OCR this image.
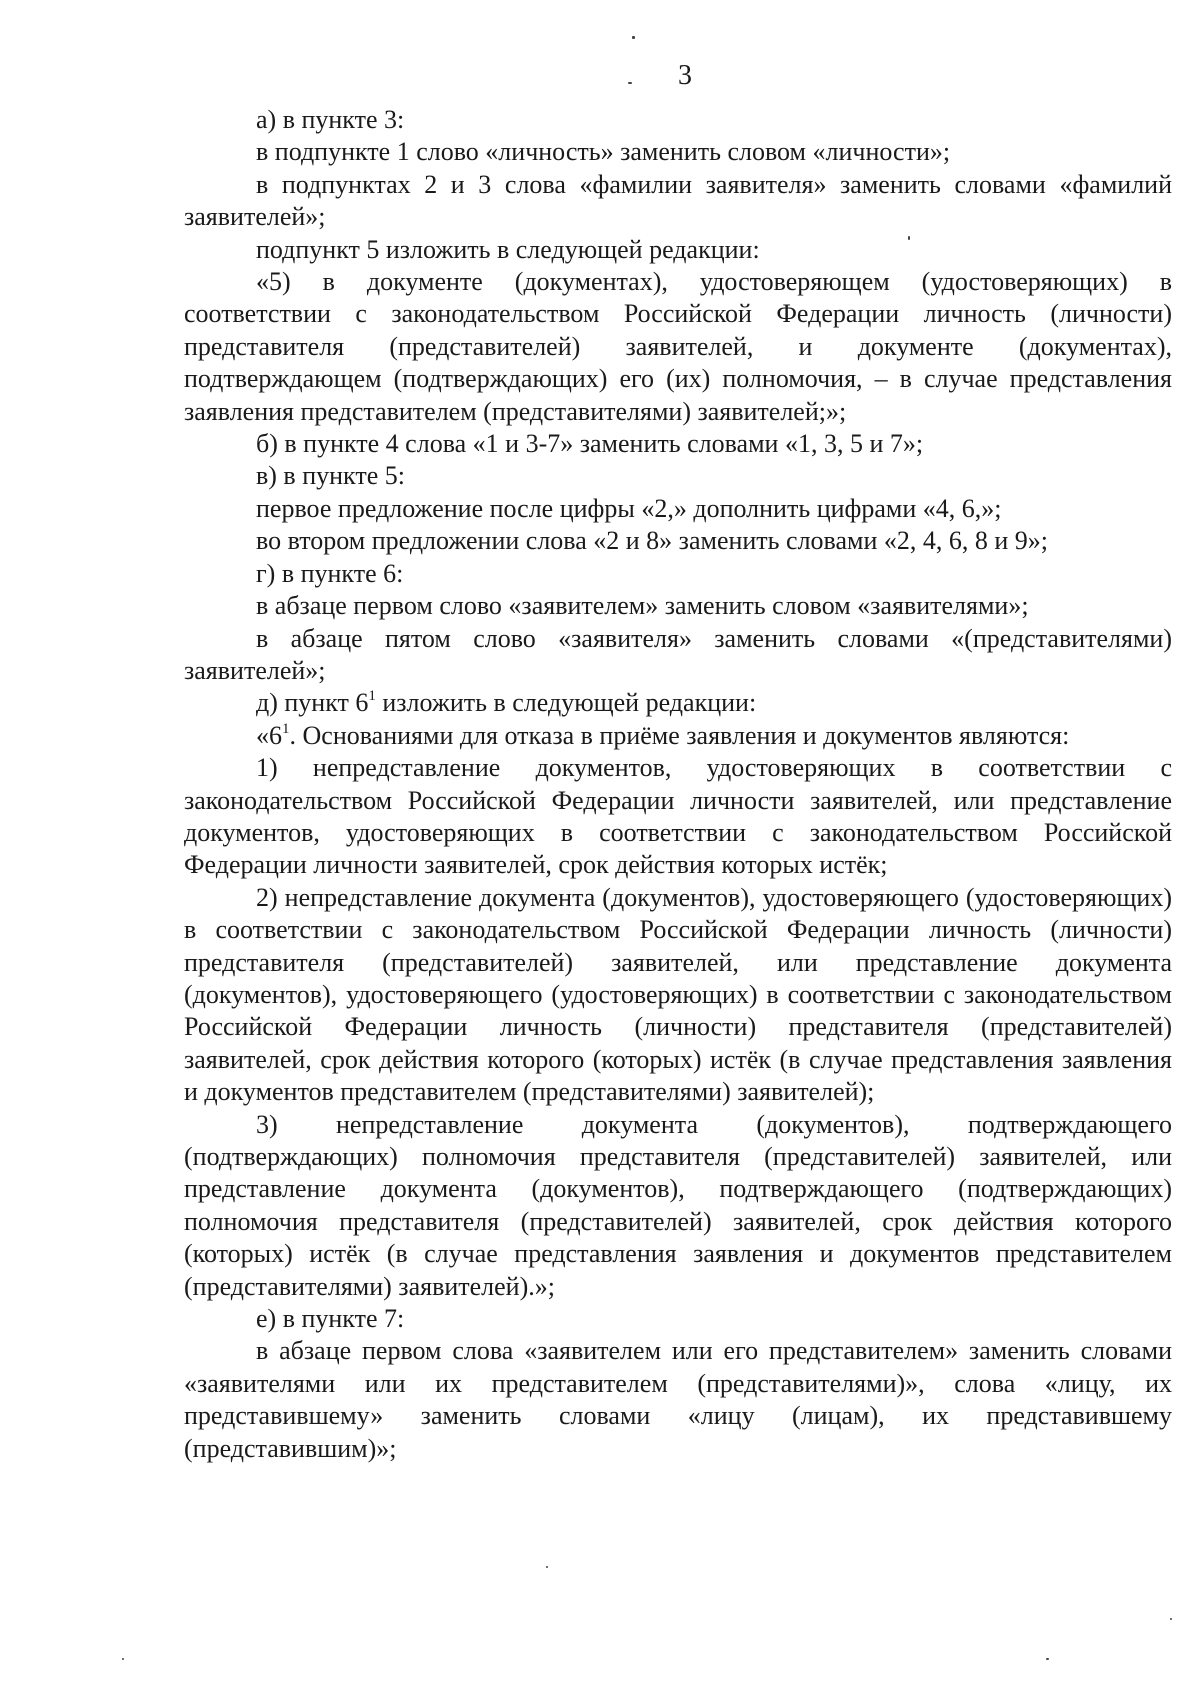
3

а) в пункте 3:

в подпункте 1 слово «личность» заменить словом «личности»;

в подпунктах 2 и 3 слова «фамилии заявителя» заменить словами «фамилий заявителей»;

подпункт 5 изложить в следующей редакции:

«5) в документе (документах), удостоверяющем (удостоверяющих) в соответствии с законодательством Российской Федерации личность (личности) представителя (представителей) заявителей, и документе (документах), подтверждающем (подтверждающих) его (их) полномочия, – в случае представления заявления представителем (представителями) заявителей;»;

б) в пункте 4 слова «1 и 3-7» заменить словами «1, 3, 5 и 7»;

в) в пункте 5:

первое предложение после цифры «2,» дополнить цифрами «4, 6,»;

во втором предложении слова «2 и 8» заменить словами «2, 4, 6, 8 и 9»;

г) в пункте 6:

в абзаце первом слово «заявителем» заменить словом «заявителями»;

в абзаце пятом слово «заявителя» заменить словами «(представителями) заявителей»;

д) пункт $6^1$ изложить в следующей редакции:

«$6^1$. Основаниями для отказа в приёме заявления и документов являются:

1) непредставление документов, удостоверяющих в соответствии с законодательством Российской Федерации личности заявителей, или представление документов, удостоверяющих в соответствии с законодательством Российской Федерации личности заявителей, срок действия которых истёк;

2) непредставление документа (документов), удостоверяющего (удостоверяющих) в соответствии с законодательством Российской Федерации личность (личности) представителя (представителей) заявителей, или представление документа (документов), удостоверяющего (удостоверяющих) в соответствии с законодательством Российской Федерации личность (личности) представителя (представителей) заявителей, срок действия которого (которых) истёк (в случае представления заявления и документов представителем (представителями) заявителей);

3) непредставление документа (документов), подтверждающего (подтверждающих) полномочия представителя (представителей) заявителей, или представление документа (документов), подтверждающего (подтверждающих) полномочия представителя (представителей) заявителей, срок действия которого (которых) истёк (в случае представления заявления и документов представителем (представителями) заявителей).»;

е) в пункте 7:

в абзаце первом слова «заявителем или его представителем» заменить словами «заявителями или их представителем (представителями)», слова «лицу, их представившему» заменить словами «лицу (лицам), их представившему (представившим)»;
